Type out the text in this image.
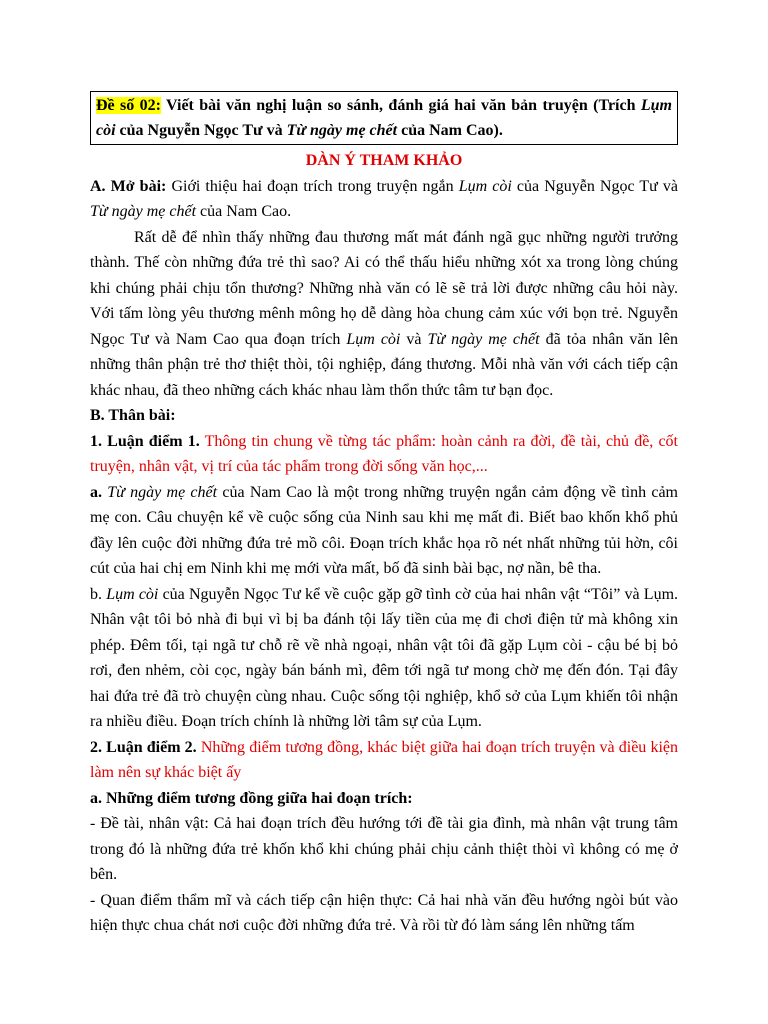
Đề số 02: Viết bài văn nghị luận so sánh, đánh giá hai văn bản truyện (Trích Lụm còi của Nguyễn Ngọc Tư và Từ ngày mẹ chết của Nam Cao).

DÀN Ý THAM KHẢO

A. Mở bài: Giới thiệu hai đoạn trích trong truyện ngắn Lụm còi của Nguyễn Ngọc Tư và Từ ngày mẹ chết của Nam Cao.

Rất dễ để nhìn thấy những đau thương mất mát đánh ngã gục những người trưởng thành. Thế còn những đứa trẻ thì sao? Ai có thể thấu hiểu những xót xa trong lòng chúng khi chúng phải chịu tổn thương? Những nhà văn có lẽ sẽ trả lời được những câu hỏi này. Với tấm lòng yêu thương mênh mông họ dễ dàng hòa chung cảm xúc với bọn trẻ. Nguyễn Ngọc Tư và Nam Cao qua đoạn trích Lụm còi và Từ ngày mẹ chết đã tỏa nhân văn lên những thân phận trẻ thơ thiệt thòi, tội nghiệp, đáng thương. Mỗi nhà văn với cách tiếp cận khác nhau, đã theo những cách khác nhau làm thổn thức tâm tư bạn đọc.

B. Thân bài:

1. Luận điểm 1. Thông tin chung về từng tác phẩm: hoàn cảnh ra đời, đề tài, chủ đề, cốt truyện, nhân vật, vị trí của tác phẩm trong đời sống văn học,...

a. Từ ngày mẹ chết của Nam Cao là một trong những truyện ngắn cảm động về tình cảm mẹ con. Câu chuyện kể về cuộc sống của Ninh sau khi mẹ mất đi. Biết bao khốn khổ phủ đầy lên cuộc đời những đứa trẻ mồ côi. Đoạn trích khắc họa rõ nét nhất những tủi hờn, côi cút của hai chị em Ninh khi mẹ mới vừa mất, bố đã sinh bài bạc, nợ nần, bê tha.

b. Lụm còi của Nguyễn Ngọc Tư kể về cuộc gặp gỡ tình cờ của hai nhân vật “Tôi” và Lụm. Nhân vật tôi bỏ nhà đi bụi vì bị ba đánh tội lấy tiền của mẹ đi chơi điện tử mà không xin phép. Đêm tối, tại ngã tư chỗ rẽ về nhà ngoại, nhân vật tôi đã gặp Lụm còi - cậu bé bị bỏ rơi, đen nhẻm, còi cọc, ngày bán bánh mì, đêm tới ngã tư mong chờ mẹ đến đón. Tại đây hai đứa trẻ đã trò chuyện cùng nhau. Cuộc sống tội nghiệp, khổ sở của Lụm khiến tôi nhận ra nhiều điều. Đoạn trích chính là những lời tâm sự của Lụm.

2. Luận điểm 2. Những điểm tương đồng, khác biệt giữa hai đoạn trích truyện và điều kiện làm nên sự khác biệt ấy

a. Những điểm tương đồng giữa hai đoạn trích:

- Đề tài, nhân vật: Cả hai đoạn trích đều hướng tới đề tài gia đình, mà nhân vật trung tâm trong đó là những đứa trẻ khốn khổ khi chúng phải chịu cảnh thiệt thòi vì không có mẹ ở bên.

- Quan điểm thẩm mĩ và cách tiếp cận hiện thực: Cả hai nhà văn đều hướng ngòi bút vào hiện thực chua chát nơi cuộc đời những đứa trẻ. Và rồi từ đó làm sáng lên những tấm
